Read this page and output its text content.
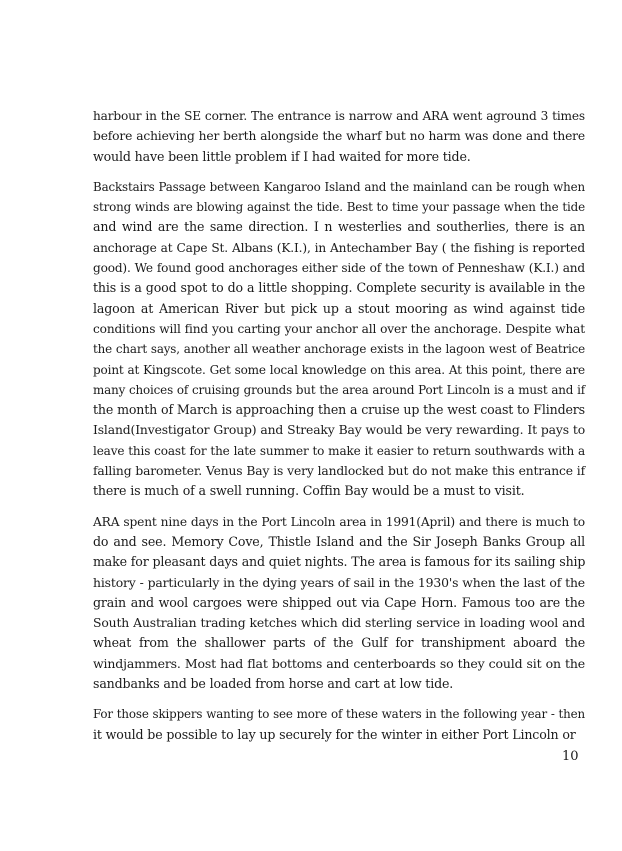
harbour in the SE corner. The entrance is narrow and ARA went aground 3 times
before achieving her berth alongside the wharf but no harm was done and there
would have been little problem if I had waited for more tide.
Backstairs Passage between Kangaroo Island and the mainland can be rough when
strong winds are blowing against the tide. Best to time your passage when the tide
and wind are the same direction. I n westerlies and southerlies, there is an
anchorage at Cape St. Albans (K.I.), in Antechamber Bay ( the fishing is reported
good). We found good anchorages either side of the town of Penneshaw (K.I.) and
this is a good spot to do a little shopping. Complete security is available in the
lagoon at American River but pick up a stout mooring as wind against tide
conditions will find you carting your anchor all over the anchorage. Despite what
the chart says, another all weather anchorage exists in the lagoon west of Beatrice
point at Kingscote. Get some local knowledge on this area. At this point, there are
many choices of cruising grounds but the area around Port Lincoln is a must and if
the month of March is approaching then a cruise up the west coast to Flinders
Island(Investigator Group) and Streaky Bay would be very rewarding. It pays to
leave this coast for the late summer to make it easier to return southwards with a
falling barometer. Venus Bay is very landlocked but do not make this entrance if
there is much of a swell running. Coffin Bay would be a must to visit.
ARA spent nine days in the Port Lincoln area in 1991(April) and there is much to
do and see. Memory Cove, Thistle Island and the Sir Joseph Banks Group all
make for pleasant days and quiet nights. The area is famous for its sailing ship
history - particularly in the dying years of sail in the 1930's when the last of the
grain and wool cargoes were shipped out via Cape Horn. Famous too are the
South Australian trading ketches which did sterling service in loading wool and
wheat from the shallower parts of the Gulf for transhipment aboard the
windjammers. Most had flat bottoms and centerboards so they could sit on the
sandbanks and be loaded from horse and cart at low tide.
For those skippers wanting to see more of these waters in the following year - then
it would be possible to lay up securely for the winter in either Port Lincoln or
10
